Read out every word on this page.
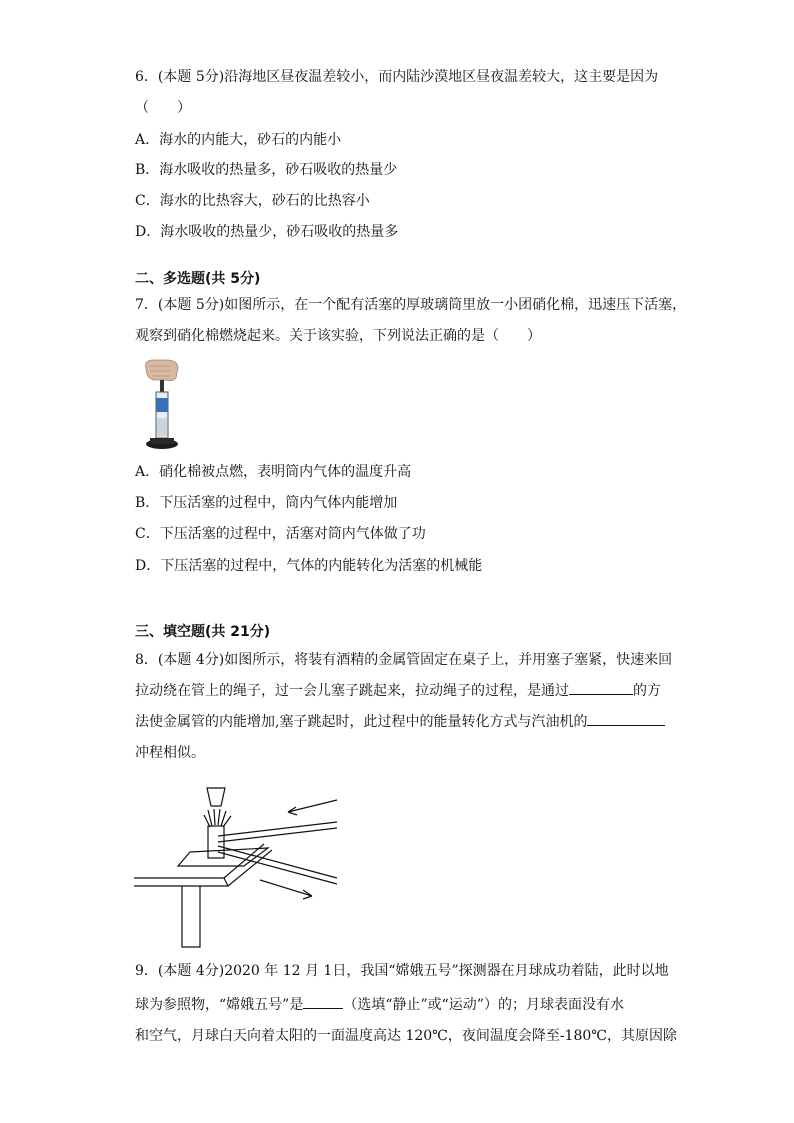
6．(本题 5分)沿海地区昼夜温差较小，而内陆沙漠地区昼夜温差较大，这主要是因为
（　　）
A．海水的内能大，砂石的内能小
B．海水吸收的热量多，砂石吸收的热量少
C．海水的比热容大，砂石的比热容小
D．海水吸收的热量少，砂石吸收的热量多
二、多选题(共 5分)
7．(本题 5分)如图所示，在一个配有活塞的厚玻璃筒里放一小团硝化棉，迅速压下活塞，
观察到硝化棉燃烧起来。关于该实验，下列说法正确的是（　　）
A．硝化棉被点燃，表明筒内气体的温度升高
B．下压活塞的过程中，筒内气体内能增加
C．下压活塞的过程中，活塞对筒内气体做了功
D．下压活塞的过程中，气体的内能转化为活塞的机械能
三、填空题(共 21分)
8．(本题 4分)如图所示，将装有酒精的金属管固定在桌子上，并用塞子塞紧，快速来回
拉动绕在管上的绳子，过一会儿塞子跳起来，拉动绳子的过程，是通过	的方
法使金属管的内能增加,塞子跳起时，此过程中的能量转化方式与汽油机的
冲程相似。
9．(本题 4分)2020 年 12 月 1日，我国“嫦娥五号”探测器在月球成功着陆，此时以地
球为参照物，“嫦娥五号”是	（选填“静止”或“运动”）的；月球表面没有水
和空气，月球白天向着太阳的一面温度高达 120℃，夜间温度会降至-180℃，其原因除
